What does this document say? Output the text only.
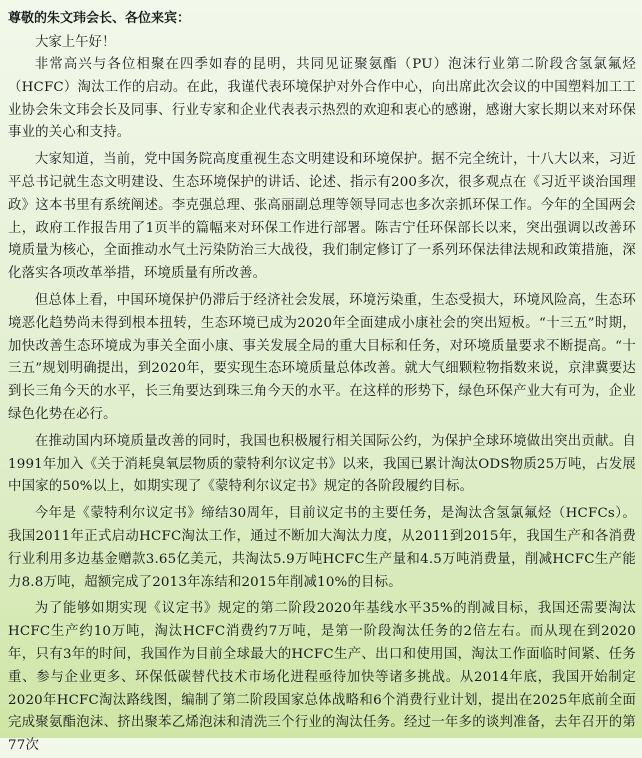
尊敬的朱文玮会长、各位来宾：
大家上午好！

非常高兴与各位相聚在四季如春的昆明，共同见证聚氨酯（PU）泡沫行业第二阶段含氢氯氟烃（HCFC）淘汰工作的启动。在此，我谨代表环境保护对外合作中心，向出席此次会议的中国塑料加工工业协会朱文玮会长及同事、行业专家和企业代表表示热烈的欢迎和衷心的感谢，感谢大家长期以来对环保事业的关心和支持。

大家知道，当前，党中国务院高度重视生态文明建设和环境保护。据不完全统计，十八大以来，习近平总书记就生态文明建设、生态环境保护的讲话、论述、指示有200多次，很多观点在《习近平谈治国理政》这本书里有系统阐述。李克强总理、张高丽副总理等领导同志也多次亲抓环保工作。今年的全国两会上，政府工作报告用了1页半的篇幅来对环保工作进行部署。陈吉宁任环保部长以来，突出强调以改善环境质量为核心，全面推动水气土污染防治三大战役，我们制定修订了一系列环保法律法规和政策措施，深化落实各项改革举措，环境质量有所改善。

但总体上看，中国环境保护仍滞后于经济社会发展，环境污染重，生态受损大，环境风险高，生态环境恶化趋势尚未得到根本扭转，生态环境已成为2020年全面建成小康社会的突出短板。“十三五”时期，加快改善生态环境成为事关全面小康、事关发展全局的重大目标和任务，对环境质量要求不断提高。“十三五”规划明确提出，到2020年，要实现生态环境质量总体改善。就大气细颗粒物指数来说，京津冀要达到长三角今天的水平，长三角要达到珠三角今天的水平。在这样的形势下，绿色环保产业大有可为，企业绿色化势在必行。

在推动国内环境质量改善的同时，我国也积极履行相关国际公约，为保护全球环境做出突出贡献。自1991年加入《关于消耗臭氧层物质的蒙特利尔议定书》以来，我国已累计淘汰ODS物质25万吨，占发展中国家的50%以上，如期实现了《蒙特利尔议定书》规定的各阶段履约目标。

今年是《蒙特利尔议定书》缔结30周年，目前议定书的主要任务，是淘汰含氢氯氟烃（HCFCs）。我国2011年正式启动HCFC淘汰工作，通过不断加大淘汰力度，从2011到2015年，我国生产和各消费行业利用多边基金赠款3.65亿美元，共淘汰5.9万吨HCFC生产量和4.5万吨消费量，削减HCFC生产能力8.8万吨，超额完成了2013年冻结和2015年削减10%的目标。

为了能够如期实现《议定书》规定的第二阶段2020年基线水平35%的削减目标，我国还需要淘汰HCFC生产约10万吨，淘汰HCFC消费约7万吨，是第一阶段淘汰任务的2倍左右。而从现在到2020年，只有3年的时间，我国作为目前全球最大的HCFC生产、出口和使用国，淘汰工作面临时间紧、任务重、参与企业更多、环保低碳替代技术市场化进程亟待加快等诸多挑战。从2014年底，我国开始制定2020年HCFC淘汰路线图，编制了第二阶段国家总体战略和6个消费行业计划，提出在2025年底前全面完成聚氨酯泡沫、挤出聚苯乙烯泡沫和清洗三个行业的淘汰任务。经过一年多的谈判准备，去年召开的第77次
